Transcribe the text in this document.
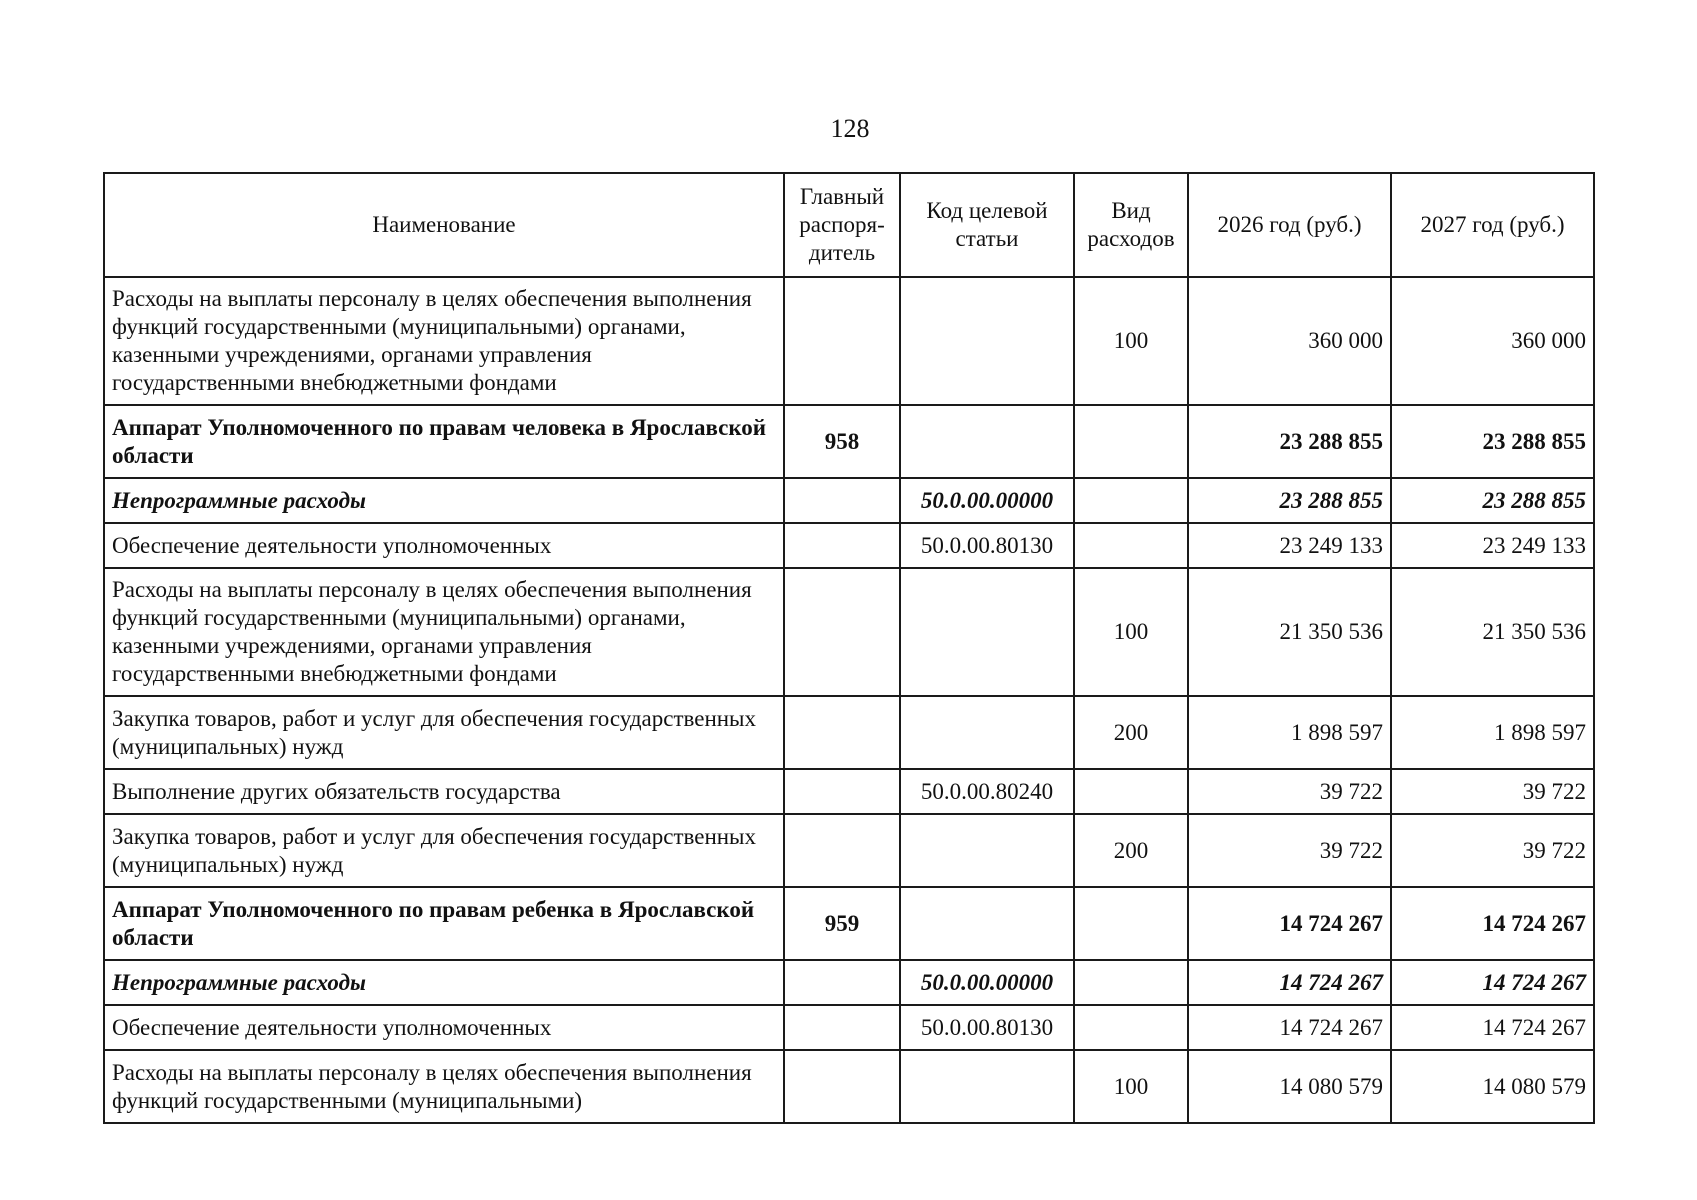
128
Наименование	Главный распоря-дитель	Код целевой статьи	Вид расходов	2026 год (руб.)	2027 год (руб.)
Расходы на выплаты персоналу в целях обеспечения выполнения функций государственными (муниципальными) органами, казенными учреждениями, органами управления государственными внебюджетными фондами			100	360 000	360 000
Аппарат Уполномоченного по правам человека в Ярославской области	958			23 288 855	23 288 855
Непрограммные расходы		50.0.00.00000		23 288 855	23 288 855
Обеспечение деятельности уполномоченных		50.0.00.80130		23 249 133	23 249 133
Расходы на выплаты персоналу в целях обеспечения выполнения функций государственными (муниципальными) органами, казенными учреждениями, органами управления государственными внебюджетными фондами			100	21 350 536	21 350 536
Закупка товаров, работ и услуг для обеспечения государственных (муниципальных) нужд			200	1 898 597	1 898 597
Выполнение других обязательств государства		50.0.00.80240		39 722	39 722
Закупка товаров, работ и услуг для обеспечения государственных (муниципальных) нужд			200	39 722	39 722
Аппарат Уполномоченного по правам ребенка в Ярославской области	959			14 724 267	14 724 267
Непрограммные расходы		50.0.00.00000		14 724 267	14 724 267
Обеспечение деятельности уполномоченных		50.0.00.80130		14 724 267	14 724 267
Расходы на выплаты персоналу в целях обеспечения выполнения функций государственными (муниципальными)			100	14 080 579	14 080 579
